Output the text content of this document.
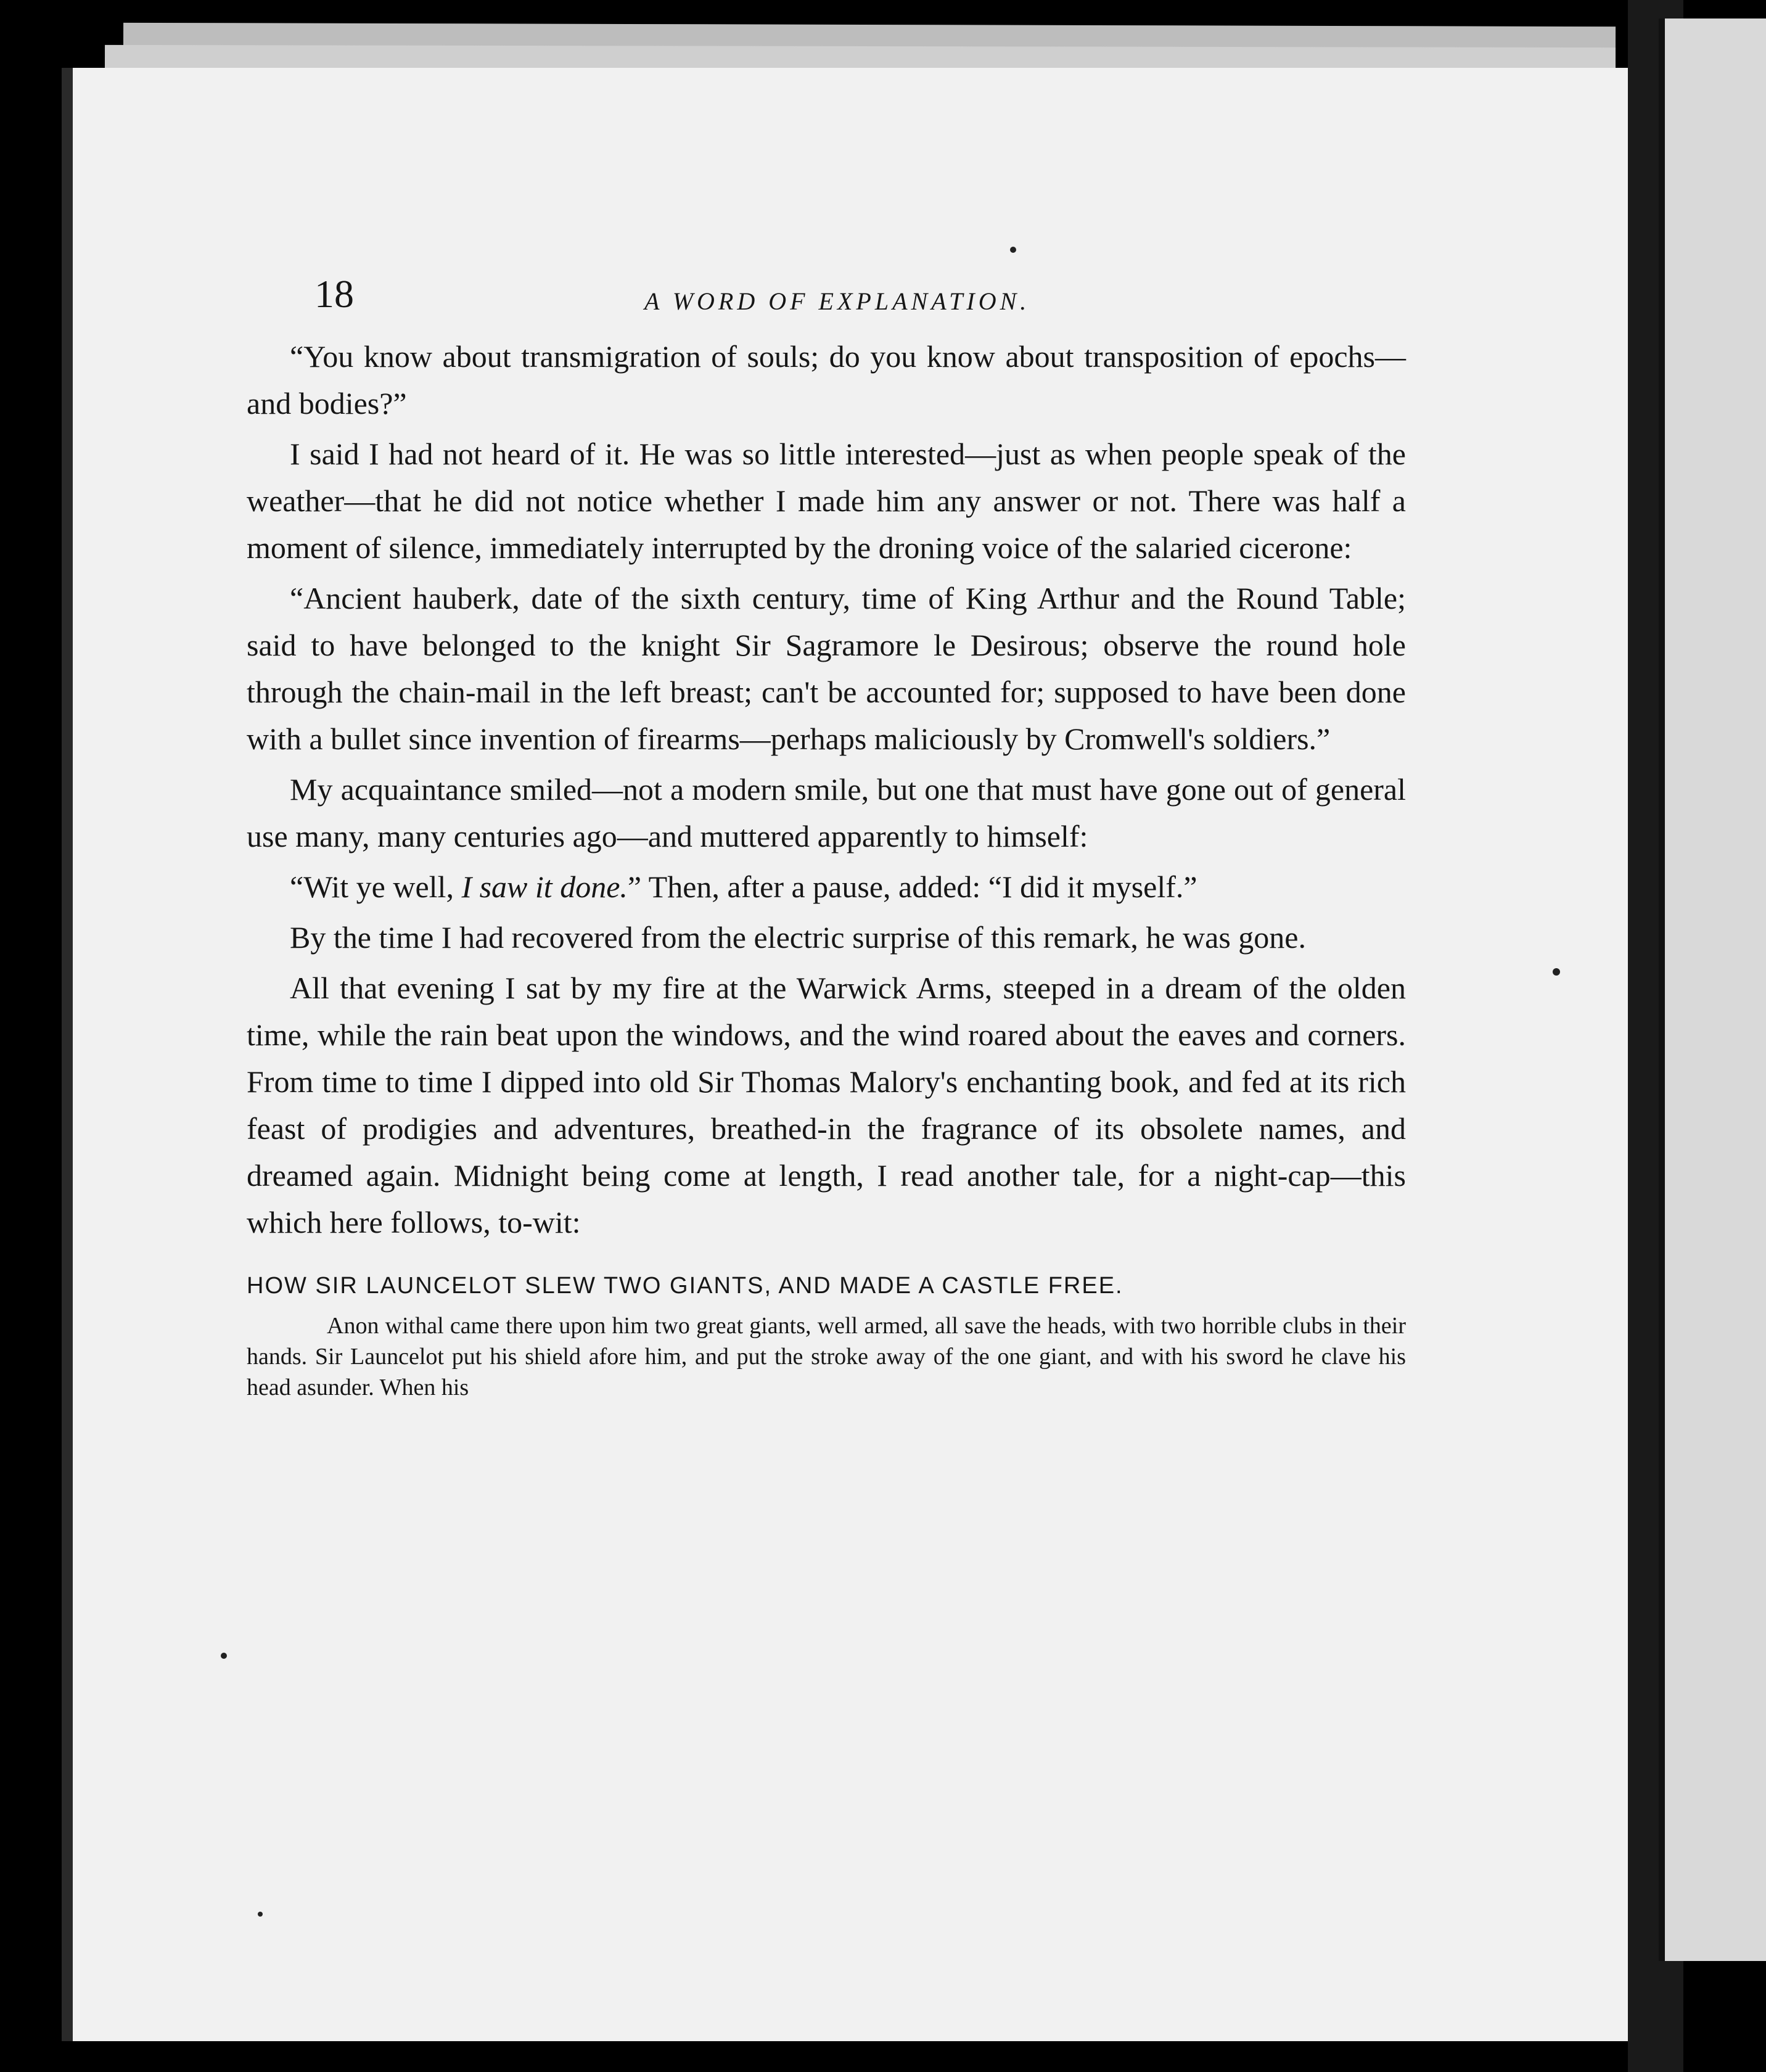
18	A WORD OF EXPLANATION.

“You know about transmigration of souls; do you know about transposition of epochs—and bodies?”

I said I had not heard of it. He was so little interested—just as when people speak of the weather—that he did not notice whether I made him any answer or not. There was half a moment of silence, immediately interrupted by the droning voice of the salaried cicerone:

“Ancient hauberk, date of the sixth century, time of King Arthur and the Round Table; said to have belonged to the knight Sir Sagramore le Desirous; observe the round hole through the chain-mail in the left breast; can't be accounted for; supposed to have been done with a bullet since invention of firearms—perhaps maliciously by Cromwell's soldiers.”

My acquaintance smiled—not a modern smile, but one that must have gone out of general use many, many centuries ago—and muttered apparently to himself:

“Wit ye well, I saw it done.” Then, after a pause, added: “I did it myself.”

By the time I had recovered from the electric surprise of this remark, he was gone.

All that evening I sat by my fire at the Warwick Arms, steeped in a dream of the olden time, while the rain beat upon the windows, and the wind roared about the eaves and corners. From time to time I dipped into old Sir Thomas Malory's enchanting book, and fed at its rich feast of prodigies and adventures, breathed-in the fragrance of its obsolete names, and dreamed again. Midnight being come at length, I read another tale, for a night-cap—this which here follows, to-wit:

HOW SIR LAUNCELOT SLEW TWO GIANTS, AND MADE A CASTLE FREE.

Anon withal came there upon him two great giants, well armed, all save the heads, with two horrible clubs in their hands. Sir Launcelot put his shield afore him, and put the stroke away of the one giant, and with his sword he clave his head asunder. When his
